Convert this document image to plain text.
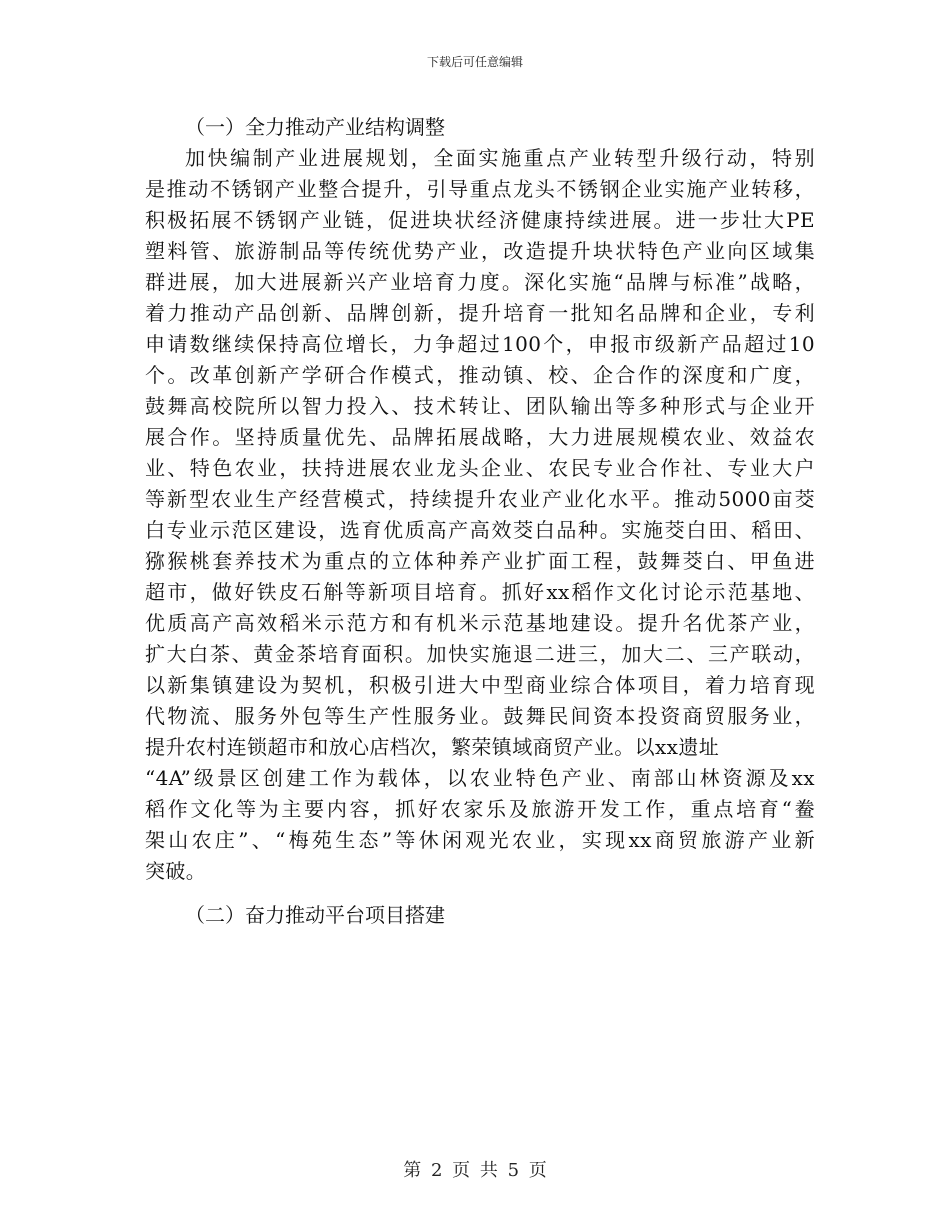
下载后可任意编辑
（一）全力推动产业结构调整
加快编制产业进展规划，全面实施重点产业转型升级行动，特别
是推动不锈钢产业整合提升，引导重点龙头不锈钢企业实施产业转移，
积极拓展不锈钢产业链，促进块状经济健康持续进展。进一步壮大PE
塑料管、旅游制品等传统优势产业，改造提升块状特色产业向区域集
群进展，加大进展新兴产业培育力度。深化实施“品牌与标准”战略，
着力推动产品创新、品牌创新，提升培育一批知名品牌和企业，专利
申请数继续保持高位增长，力争超过100个，申报市级新产品超过10
个。改革创新产学研合作模式，推动镇、校、企合作的深度和广度，
鼓舞高校院所以智力投入、技术转让、团队输出等多种形式与企业开
展合作。坚持质量优先、品牌拓展战略，大力进展规模农业、效益农
业、特色农业，扶持进展农业龙头企业、农民专业合作社、专业大户
等新型农业生产经营模式，持续提升农业产业化水平。推动5000亩茭
白专业示范区建设，选育优质高产高效茭白品种。实施茭白田、稻田、
猕猴桃套养技术为重点的立体种养产业扩面工程，鼓舞茭白、甲鱼进
超市，做好铁皮石斛等新项目培育。抓好xx稻作文化讨论示范基地、
优质高产高效稻米示范方和有机米示范基地建设。提升名优茶产业，
扩大白茶、黄金茶培育面积。加快实施退二进三，加大二、三产联动，
以新集镇建设为契机，积极引进大中型商业综合体项目，着力培育现
代物流、服务外包等生产性服务业。鼓舞民间资本投资商贸服务业，
提升农村连锁超市和放心店档次，繁荣镇域商贸产业。以xx遗址
“4A”级景区创建工作为载体，以农业特色产业、南部山林资源及xx
稻作文化等为主要内容，抓好农家乐及旅游开发工作，重点培育“鲞
架山农庄”、“梅苑生态”等休闲观光农业，实现xx商贸旅游产业新
突破。
（二）奋力推动平台项目搭建
第 2 页 共 5 页
